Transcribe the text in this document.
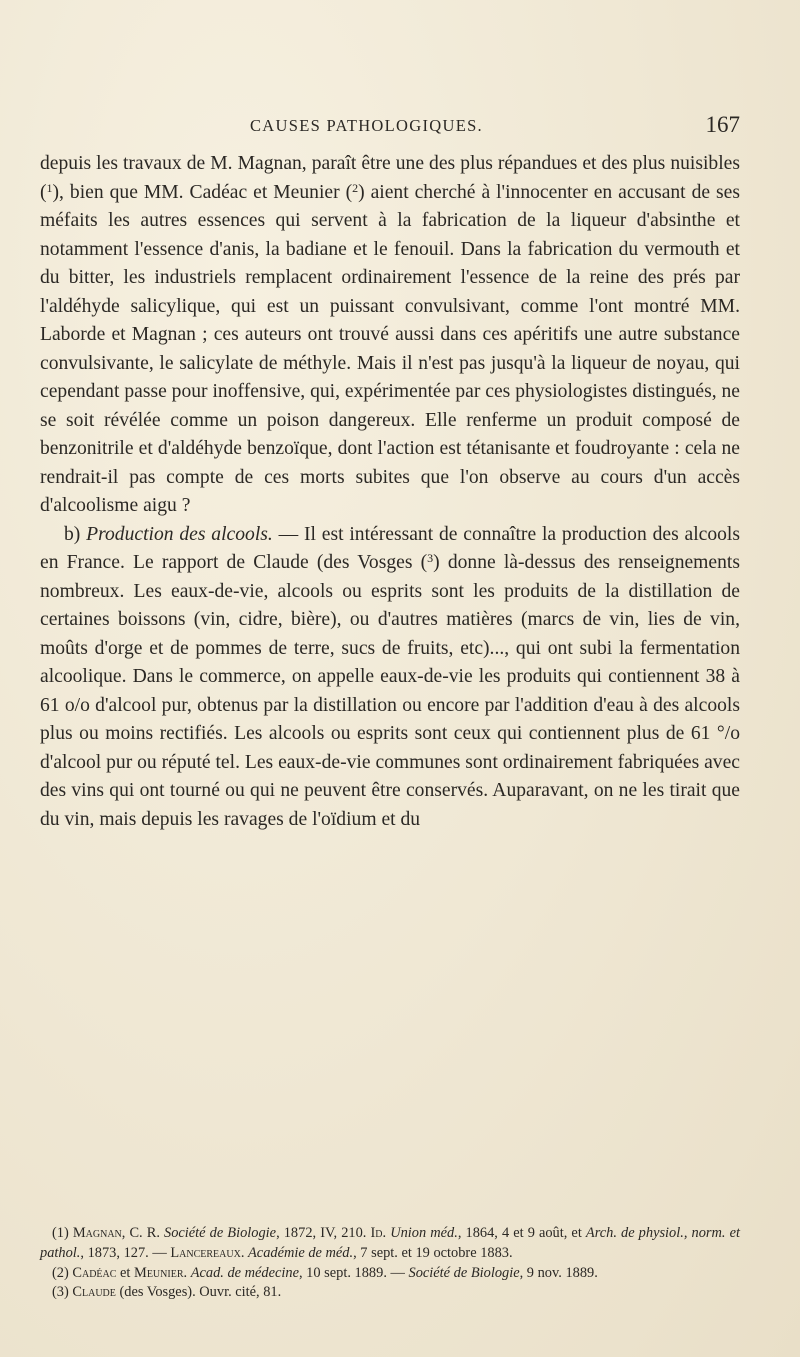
CAUSES PATHOLOGIQUES.	167

depuis les travaux de M. Magnan, paraît être une des plus répandues et des plus nuisibles ($^1$), bien que MM. Cadéac et Meunier ($^2$) aient cherché à l'innocenter en accusant de ses méfaits les autres essences qui servent à la fabrication de la liqueur d'absinthe et notamment l'essence d'anis, la badiane et le fenouil. Dans la fabrication du vermouth et du bitter, les industriels remplacent ordinairement l'essence de la reine des prés par l'aldéhyde salicylique, qui est un puissant convulsivant, comme l'ont montré MM. Laborde et Magnan ; ces auteurs ont trouvé aussi dans ces apéritifs une autre substance convulsivante, le salicylate de méthyle. Mais il n'est pas jusqu'à la liqueur de noyau, qui cependant passe pour inoffensive, qui, expérimentée par ces physiologistes distingués, ne se soit révélée comme un poison dangereux. Elle renferme un produit composé de benzonitrile et d'aldéhyde benzoïque, dont l'action est tétanisante et foudroyante : cela ne rendrait-il pas compte de ces morts subites que l'on observe au cours d'un accès d'alcoolisme aigu ?

b) Production des alcools. — Il est intéressant de connaître la production des alcools en France. Le rapport de Claude (des Vosges ($^3$) donne là-dessus des renseignements nombreux. Les eaux-de-vie, alcools ou esprits sont les produits de la distillation de certaines boissons (vin, cidre, bière), ou d'autres matières (marcs de vin, lies de vin, moûts d'orge et de pommes de terre, sucs de fruits, etc)..., qui ont subi la fermentation alcoolique. Dans le commerce, on appelle eaux-de-vie les produits qui contiennent 38 à 61 o/o d'alcool pur, obtenus par la distillation ou encore par l'addition d'eau à des alcools plus ou moins rectifiés. Les alcools ou esprits sont ceux qui contiennent plus de 61 °/o d'alcool pur ou réputé tel. Les eaux-de-vie communes sont ordinairement fabriquées avec des vins qui ont tourné ou qui ne peuvent être conservés. Auparavant, on ne les tirait que du vin, mais depuis les ravages de l'oïdium et du

(1) Magnan, C. R. Société de Biologie, 1872, IV, 210. Id. Union méd., 1864, 4 et 9 août, et Arch. de physiol., norm. et pathol., 1873, 127. — Lancereaux. Académie de méd., 7 sept. et 19 octobre 1883.

(2) Cadéac et Meunier. Acad. de médecine, 10 sept. 1889. — Société de Biologie, 9 nov. 1889.

(3) Claude (des Vosges). Ouvr. cité, 81.
